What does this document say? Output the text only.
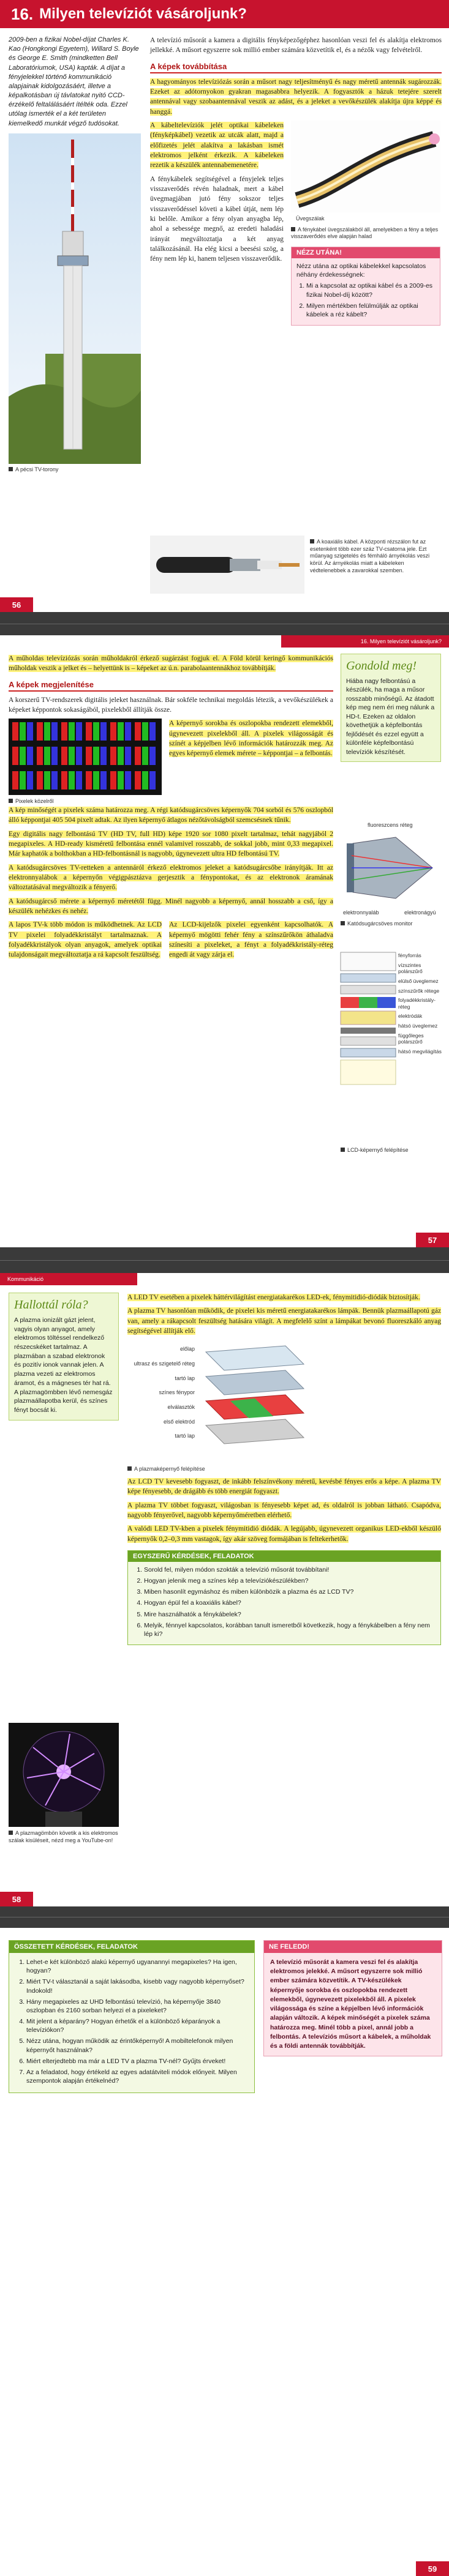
16. Milyen televíziót vásároljunk?

2009-ben a fizikai Nobel-díjat Charles K. Kao (Hongkongi Egyetem), Willard S. Boyle és George E. Smith (mindketten Bell Laboratóriumok, USA) kapták. A díjat a fényjelekkel történő kommunikáció alapjainak kidolgozásáért, illetve a képalkotásban új távlatokat nyitó CCD-érzékelő feltalálásáért ítélték oda. Ezzel utólag ismerték el a két területen kiemelkedő munkát végző tudósokat.

A pécsi TV-torony

A televízió műsorát a kamera a digitális fényképezőgéphez hasonlóan veszi fel és alakítja elektromos jellekké. A műsort egyszerre sok millió ember számára közvetítik el, és a nézők vagy felvételről.

A képek továbbítása

A hagyományos televíziózás során a műsort nagy teljesítményű és nagy méretű antennák sugározzák. Ezeket az adótornyokon gyakran magasabbra helyezik. A fogyasztók a házuk tetejére szerelt antennával vagy szobaantennával veszik az adást, és a jeleket a vevőkészülék alakítja újra képpé és hanggá.

A kábeltelevíziók jelét optikai kábeleken (fényképkábel) vezetik az utcák alatt, majd a előfizetés jelét alakítva a lakásban ismét elektromos jelként érkezik. A kábeleken rezetik a készülék antennabemenetére.

A fénykábelek segítségével a fényjelek teljes visszaverődés révén haladnak, mert a kábel üvegmagjában jutó fény sokszor teljes visszaverődéssel követi a kábel útját, nem lép ki belőle. Amikor a fény olyan anyagba lép, ahol a sebessége megnő, az eredeti haladási irányát megváltoztatja a két anyag találkozásánál. Ha elég kicsi a beesési szög, a fény nem lép ki, hanem teljesen visszaverődik.

Üvegszálak
A fénykábel üvegszálakból áll, amelyekben a fény a teljes visszaverődés elve alapján halad
NÉZZ UTÁNA!
Nézz utána az optikai kábelekkel kapcsolatos néhány érdekességnek:
1. Mi a kapcsolat az optikai kábel és a 2009-es fizikai Nobel-díj között?
2. Milyen mértékben felülmúlják az optikai kábelek a réz kábelt?
A koaxiális kábel. A központi rézszálon fut az esetenként több ezer száz TV-csatorna jele. Ezt műanyag szigetelés és fémháló árnyékolás veszi körül. Az árnyékolás miatt a kábeleken védtelenebbek a zavarokkal szemben.
56
16. Milyen televíziót vásároljunk?

A műholdas televíziózás során műholdakról érkező sugárzást fogjuk el. A Föld körül keringő kommunikációs műholdak veszik a jelket és – helyettünk is – képeket az ú.n. parabolaantennákhoz továbbítják.

A képek megjelenítése

A korszerű TV-rendszerek digitális jeleket használnak. Bár sokféle technikai megoldás létezik, a vevőkészülékek a képeket képpontok sokaságából, pixelekből állítják össze.

Pixelek közelről

A képernyő sorokba és oszlopokba rendezett elemekből, úgynevezett pixelekből áll. A pixelek világosságát és színét a képjelben lévő információk határozzák meg. Az egyes képernyő elemek mérete – képpontjai – a felbontás.

A kép minőségét a pixelek száma határozza meg. A régi katódsugárcsöves képernyők 704 sorból és 576 oszlopból álló képpontjai 405 504 pixelt adtak. Az ilyen képernyő átlagos nézőtávolságból szemcsésnek tűnik.

Egy digitális nagy felbontású TV (HD TV, full HD) képe 1920 sor 1080 pixelt tartalmaz, tehát nagyjából 2 megapixeles. A HD-ready kisméretű felbontása ennél valamivel rosszabb, de sokkal jobb, mint 0,33 megapixel. Már kaphatók a bolthokban a HD-felbontásnál is nagyobb, úgynevezett ultra HD felbontású TV.

A katódsugárcsöves TV-retteken a antennáról érkező elektromos jeleket a katódsugárcsőbe irányítják. Itt az elektronnyalábok a képernyőn végigpásztázva gerjesztik a fénypontokat, és az elektronok áramának változtatásával megváltozik a fényerő.

A katódsugárcső mérete a képernyő méretétől függ. Minél nagyobb a képernyő, annál hosszabb a cső, így a készülék nehézkes és nehéz.

A lapos TV-k több módon is működhetnek. Az LCD TV pixelei folyadékkristályt tartalmaznak. A folyadékkristályok olyan anyagok, amelyek optikai tulajdonságait megváltoztatja a rá kapcsolt feszültség.

Az LCD-kijelzők pixelei egyenként kapcsolhatók. A képernyő mögötti fehér fény a színszűrőkön áthaladva színesíti a pixeleket, a fényt a folyadékkristály-réteg engedi át vagy zárja el.

Gondold meg!
Hiába nagy felbontású a készülék, ha maga a műsor rosszabb minőségű. Az átadott kép meg nem éri meg nálunk a HD-t. Ezeken az oldalon követhetjük a képfelbontás fejlődését és ezzel együtt a különféle képfelbontású televíziók készítését.
fluoreszcens réteg
elektronágyú
elektronnyaláb
Katódsugárcsöves monitor
fényforrás
vízszintes polárszűrő
elülső üveglemez
színszűrők rétege
folyadékkristály-réteg
elektródák
hátsó üveglemez
függőleges polárszűrő
hátsó megvilágítás
LCD-képernyő felépítése
57
Kommunikáció
Hallottál róla?
A plazma ionizált gázt jelent, vagyis olyan anyagot, amely elektromos töltéssel rendelkező részecskéket tartalmaz. A plazmában a szabad elektronok és pozitív ionok vannak jelen. A plazma vezeti az elektromos áramot, és a mágneses tér hat rá. A plazmagömbben lévő nemesgáz plazmaállapotba kerül, és színes fényt bocsát ki.
A plazmagömbön követik a kis elektromos szálak kisüléseit, nézd meg a YouTube-on!

A LED TV esetében a pixelek háttérvilágítást energiatakarékos LED-ek, fénymitidió-diódák biztosítják.

A plazma TV hasonlóan működik, de pixelei kis méretű energiatakarékos lámpák. Bennük plazmaállapotú gáz van, amely a rákapcsolt feszültség hatására világít. A megfelelő színt a lámpákat bevonó fluoreszkáló anyag segítségével állítják elő.

előlap
ultrasz és szigetelő réteg
tartó lap
színes fénypor
elválasztók
első elektród
tartó lap
A plazmaképernyő felépítése

Az LCD TV kevesebb fogyaszt, de inkább felszínvékony méretű, kevésbé fényes erős a képe. A plazma TV képe fényesebb, de drágább és több energiát fogyaszt.

A plazma TV többet fogyaszt, világosban is fényesebb képet ad, és oldalról is jobban látható. Csapódva, nagyobb fényerővel, nagyobb képernyőméretben elérhető.

A valódi LED TV-kben a pixelek fénymitidió diódák. A legújabb, úgynevezett organikus LED-ekből készülő képernyők 0,2–0,3 mm vastagok, így akár szöveg formájában is feltekerhetők.

EGYSZERŰ KÉRDÉSEK, FELADATOK
1. Sorold fel, milyen módon szokták a televízió műsorát továbbítani!
2. Hogyan jelenik meg a színes kép a televíziókészülékben?
3. Miben hasonlít egymáshoz és miben különbözik a plazma és az LCD TV?
4. Hogyan épül fel a koaxiális kábel?
5. Mire használhatók a fénykábelek?
6. Melyik, fénnyel kapcsolatos, korábban tanult ismeretből következik, hogy a fénykábelben a fény nem lép ki?
58
ÖSSZETETT KÉRDÉSEK, FELADATOK
1. Lehet-e két különböző alakú képernyő ugyanannyi megapixeles? Ha igen, hogyan?
2. Miért TV-t választanál a saját lakásodba, kisebb vagy nagyobb képernyőset? Indokold!
3. Hány megapixeles az UHD felbontású televízió, ha képernyője 3840 oszlopban és 2160 sorban helyezi el a pixeleket?
4. Mit jelent a képarány? Hogyan érhetők el a különböző képarányok a televíziókon?
5. Nézz utána, hogyan működik az érintőképernyő! A mobiltelefonok milyen képernyőt használnak?
6. Miért elterjedtebb ma már a LED TV a plazma TV-nél? Gyűjts érveket!
7. Az a feladatod, hogy értékeld az egyes adatátviteli módok előnyeit. Milyen szempontok alapján értékelnéd?
NE FELEDD!
A televízió műsorát a kamera veszi fel és alakítja elektromos jelekké. A műsort egyszerre sok millió ember számára közvetítik. A TV-készülékek képernyője sorokba és oszlopokba rendezett elemekből, úgynevezett pixelekből áll. A pixelek világossága és színe a képjelben lévő információk alapján változik. A képek minőségét a pixelek száma határozza meg. Minél több a pixel, annál jobb a felbontás. A televíziós műsort a kábelek, a műholdak és a földi antennák továbbítják.
59
